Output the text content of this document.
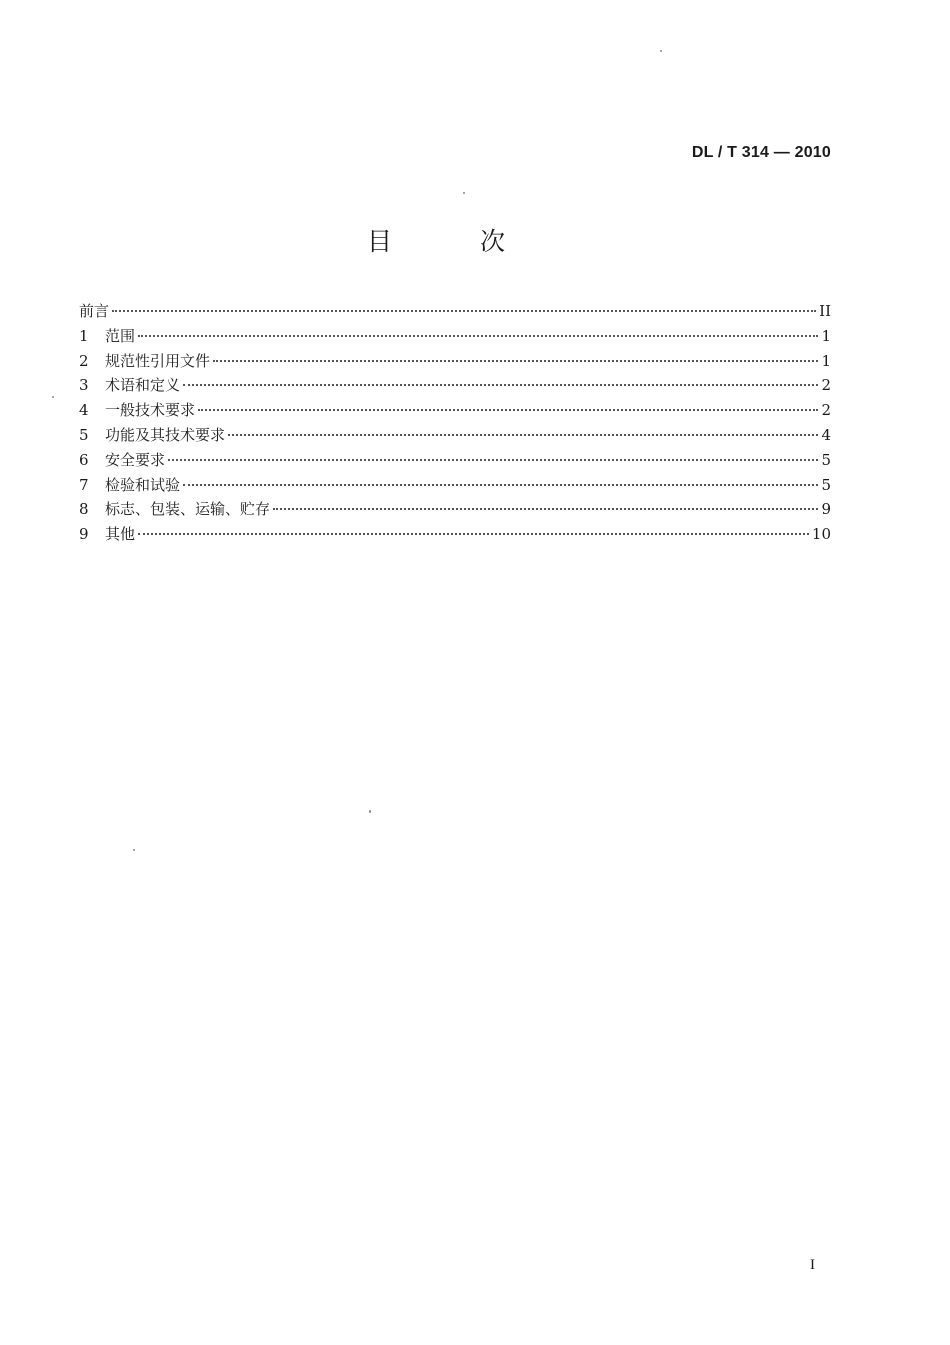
DL / T 314 — 2010
目 次
前言	II
1	范围	1
2	规范性引用文件	1
3	术语和定义	2
4	一般技术要求	2
5	功能及其技术要求	4
6	安全要求	5
7	检验和试验	5
8	标志、包装、运输、贮存	9
9	其他	10
I
